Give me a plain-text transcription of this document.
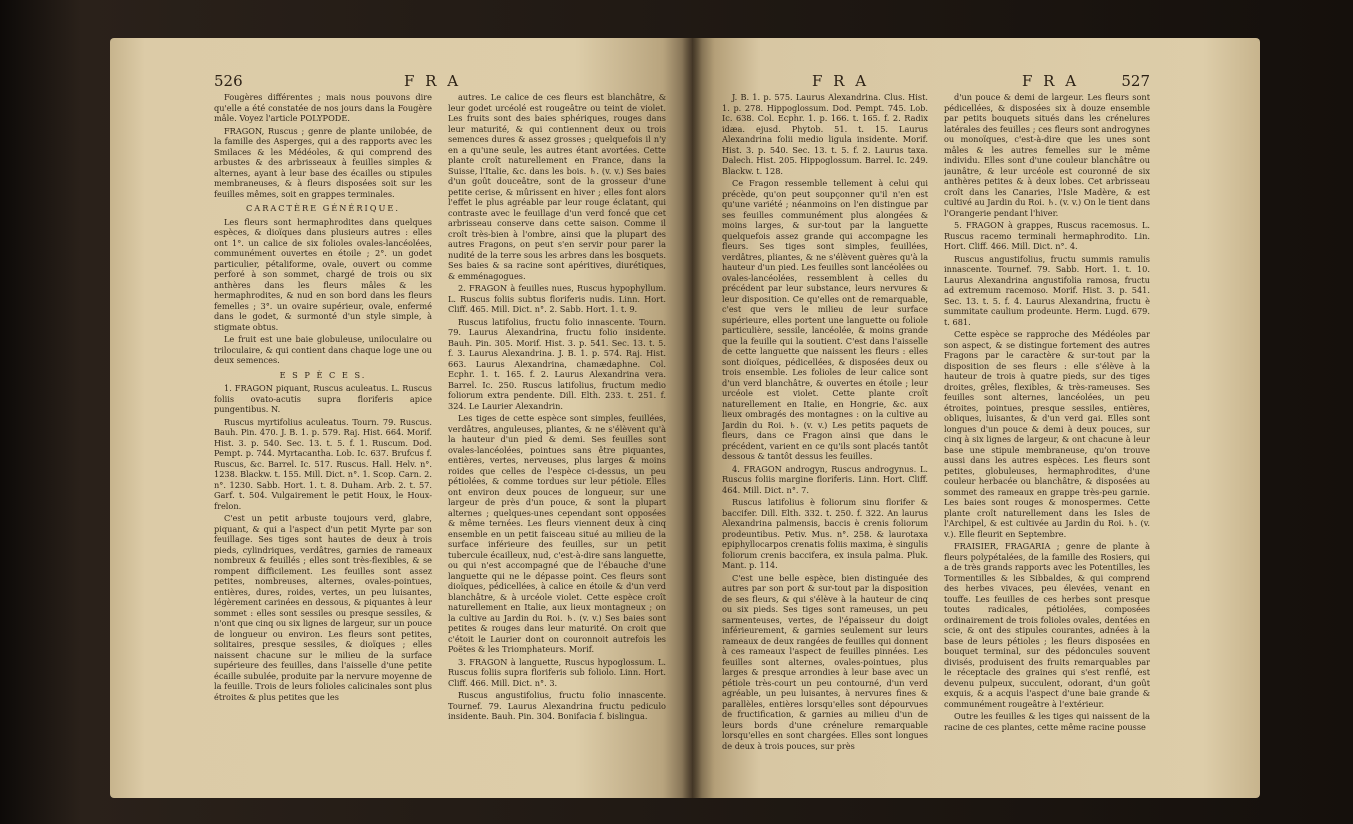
526	F R A

Fougères différentes ; mais nous pouvons dire qu'elle a été constatée de nos jours dans la Fougère mâle. Voyez l'article POLYPODE.

FRAGON, Ruscus ; genre de plante unilobée, de la famille des Asperges, qui a des rapports avec les Smilaces & les Médéoles, & qui comprend des arbustes & des arbrisseaux à feuilles simples & alternes, ayant à leur base des écailles ou stipules membraneuses, & à fleurs disposées soit sur les feuilles mêmes, soit en grappes terminales.

CARACTÈRE GÉNÉRIQUE.

Les fleurs sont hermaphrodites dans quelques espèces, & dioïques dans plusieurs autres : elles ont 1°. un calice de six folioles ovales-lancéolées, communément ouvertes en étoile ; 2°. un godet particulier, pétaliforme, ovale, ouvert ou comme perforé à son sommet, chargé de trois ou six anthères dans les fleurs mâles & les hermaphrodites, & nud en son bord dans les fleurs femelles ; 3°. un ovaire supérieur, ovale, enfermé dans le godet, & surmonté d'un style simple, à stigmate obtus.

Le fruit est une baie globuleuse, uniloculaire ou triloculaire, & qui contient dans chaque loge une ou deux semences.

E S P È C E S.

1. FRAGON piquant, Ruscus aculeatus. L. Ruscus foliis ovato-acutis supra floriferis apice pungentibus. N.

Ruscus myrtifolius aculeatus. Tourn. 79. Ruscus. Bauh. Pin. 470. J. B. 1. p. 579. Raj. Hist. 664. Morif. Hist. 3. p. 540. Sec. 13. t. 5. f. 1. Ruscum. Dod. Pempt. p. 744. Myrtacantha. Lob. Ic. 637. Brufcus f. Ruscus, &c. Barrel. Ic. 517. Ruscus. Hall. Helv. n°. 1238. Blackw. t. 155. Mill. Dict. n°. 1. Scop. Carn. 2. n°. 1230. Sabb. Hort. 1. t. 8. Duham. Arb. 2. t. 57. Garf. t. 504. Vulgairement le petit Houx, le Houx-frelon.

C'est un petit arbuste toujours verd, glabre, piquant, & qui a l'aspect d'un petit Myrte par son feuillage. Ses tiges sont hautes de deux à trois pieds, cylindriques, verdâtres, garnies de rameaux nombreux & feuillés ; elles sont très-flexibles, & se rompent difficilement. Les feuilles sont assez petites, nombreuses, alternes, ovales-pointues, entières, dures, roides, vertes, un peu luisantes, légèrement carinées en dessous, & piquantes à leur sommet : elles sont sessiles ou presque sessiles, & n'ont que cinq ou six lignes de largeur, sur un pouce de longueur ou environ. Les fleurs sont petites, solitaires, presque sessiles, & dioïques ; elles naissent chacune sur le milieu de la surface supérieure des feuilles, dans l'aisselle d'une petite écaille subulée, produite par la nervure moyenne de la feuille. Trois de leurs folioles calicinales sont plus étroites & plus petites que les

autres. Le calice de ces fleurs est blanchâtre, & leur godet urcéolé est rougeâtre ou teint de violet. Les fruits sont des baies sphériques, rouges dans leur maturité, & qui contiennent deux ou trois semences dures & assez grosses ; quelquefois il n'y en a qu'une seule, les autres étant avortées. Cette plante croît naturellement en France, dans la Suisse, l'Italie, &c. dans les bois. ♄. (v. v.) Ses baies d'un goût douceâtre, sont de la grosseur d'une petite cerise, & mûrissent en hiver ; elles font alors l'effet le plus agréable par leur rouge éclatant, qui contraste avec le feuillage d'un verd foncé que cet arbrisseau conserve dans cette saison. Comme il croît très-bien à l'ombre, ainsi que la plupart des autres Fragons, on peut s'en servir pour parer la nudité de la terre sous les arbres dans les bosquets. Ses baies & sa racine sont apéritives, diurétiques, & emménagogues.

2. FRAGON à feuilles nues, Ruscus hypophyllum. L. Ruscus foliis subtus floriferis nudis. Linn. Hort. Cliff. 465. Mill. Dict. n°. 2. Sabb. Hort. 1. t. 9.

Ruscus latifolius, fructu folio innascente. Tourn. 79. Laurus Alexandrina, fructu folio insidente. Bauh. Pin. 305. Morif. Hist. 3. p. 541. Sec. 13. t. 5. f. 3. Laurus Alexandrina. J. B. 1. p. 574. Raj. Hist. 663. Laurus Alexandrina, chamædaphne. Col. Ecphr. 1. t. 165. f. 2. Laurus Alexandrina vera. Barrel. Ic. 250. Ruscus latifolius, fructum medio foliorum extra pendente. Dill. Elth. 233. t. 251. f. 324. Le Laurier Alexandrin.

Les tiges de cette espèce sont simples, feuillées, verdâtres, anguleuses, pliantes, & ne s'élèvent qu'à la hauteur d'un pied & demi. Ses feuilles sont ovales-lancéolées, pointues sans être piquantes, entières, vertes, nerveuses, plus larges & moins roides que celles de l'espèce ci-dessus, un peu pétiolées, & comme tordues sur leur pétiole. Elles ont environ deux pouces de longueur, sur une largeur de près d'un pouce, & sont la plupart alternes ; quelques-unes cependant sont opposées & même ternées. Les fleurs viennent deux à cinq ensemble en un petit faisceau situé au milieu de la surface inférieure des feuilles, sur un petit tubercule écailleux, nud, c'est-à-dire sans languette, ou qui n'est accompagné que de l'ébauche d'une languette qui ne le dépasse point. Ces fleurs sont dioïques, pédicellées, à calice en étoile & d'un verd blanchâtre, & à urcéole violet. Cette espèce croît naturellement en Italie, aux lieux montagneux ; on la cultive au Jardin du Roi. ♄. (v. v.) Ses baies sont petites & rouges dans leur maturité. On croit que c'étoit le Laurier dont on couronnoit autrefois les Poëtes & les Triomphateurs. Morif.

3. FRAGON à languette, Ruscus hypoglossum. L. Ruscus foliis supra floriferis sub foliolo. Linn. Hort. Cliff. 466. Mill. Dict. n°. 3.

Ruscus angustifolius, fructu folio innascente. Tournef. 79. Laurus Alexandrina fructu pediculo insidente. Bauh. Pin. 304. Bonifacia f. bislingua.

F R A	F R A	527

J. B. 1. p. 575. Laurus Alexandrina. Clus. Hist. 1. p. 278. Hippoglossum. Dod. Pempt. 745. Lob. Ic. 638. Col. Ecphr. 1. p. 166. t. 165. f. 2. Radix idæa. ejusd. Phytob. 51. t. 15. Laurus Alexandrina folii medio ligula insidente. Morif. Hist. 3. p. 540. Sec. 13. t. 5. f. 2. Laurus taxa. Dalech. Hist. 205. Hippoglossum. Barrel. Ic. 249. Blackw. t. 128.

Ce Fragon ressemble tellement à celui qui précède, qu'on peut soupçonner qu'il n'en est qu'une variété ; néanmoins on l'en distingue par ses feuilles communément plus alongées & moins larges, & sur-tout par la languette quelquefois assez grande qui accompagne les fleurs. Ses tiges sont simples, feuillées, verdâtres, pliantes, & ne s'élèvent guères qu'à la hauteur d'un pied. Les feuilles sont lancéolées ou ovales-lancéolées, ressemblent à celles du précédent par leur substance, leurs nervures & leur disposition. Ce qu'elles ont de remarquable, c'est que vers le milieu de leur surface supérieure, elles portent une languette ou foliole particulière, sessile, lancéolée, & moins grande que la feuille qui la soutient. C'est dans l'aisselle de cette languette que naissent les fleurs : elles sont dioïques, pédicellées, & disposées deux ou trois ensemble. Les folioles de leur calice sont d'un verd blanchâtre, & ouvertes en étoile ; leur urcéole est violet. Cette plante croît naturellement en Italie, en Hongrie, &c. aux lieux ombragés des montagnes : on la cultive au Jardin du Roi. ♄. (v. v.) Les petits paquets de fleurs, dans ce Fragon ainsi que dans le précédent, varient en ce qu'ils sont placés tantôt dessous & tantôt dessus les feuilles.

4. FRAGON androgyn, Ruscus androgynus. L. Ruscus foliis margine floriferis. Linn. Hort. Cliff. 464. Mill. Dict. n°. 7.

Ruscus latifolius è foliorum sinu florifer & baccifer. Dill. Elth. 332. t. 250. f. 322. An laurus Alexandrina palmensis, baccis è crenis foliorum prodeuntibus. Petiv. Mus. n°. 258. & laurotaxa epiphyllocarpos crenatis foliis maxima, è singulis foliorum crenis baccifera, ex insula palma. Pluk. Mant. p. 114.

C'est une belle espèce, bien distinguée des autres par son port & sur-tout par la disposition de ses fleurs, & qui s'élève à la hauteur de cinq ou six pieds. Ses tiges sont rameuses, un peu sarmenteuses, vertes, de l'épaisseur du doigt inférieurement, & garnies seulement sur leurs rameaux de deux rangées de feuilles qui donnent à ces rameaux l'aspect de feuilles pinnées. Les feuilles sont alternes, ovales-pointues, plus larges & presque arrondies à leur base avec un pétiole très-court un peu contourné, d'un verd agréable, un peu luisantes, à nervures fines & parallèles, entières lorsqu'elles sont dépourvues de fructification, & garnies au milieu d'un de leurs bords d'une crénelure remarquable lorsqu'elles en sont chargées. Elles sont longues de deux à trois pouces, sur près

d'un pouce & demi de largeur. Les fleurs sont pédicellées, & disposées six à douze ensemble par petits bouquets situés dans les crénelures latérales des feuilles ; ces fleurs sont androgynes ou monoïques, c'est-à-dire que les unes sont mâles & les autres femelles sur le même individu. Elles sont d'une couleur blanchâtre ou jaunâtre, & leur urcéole est couronné de six anthères petites & à deux lobes. Cet arbrisseau croît dans les Canaries, l'Isle Madère, & est cultivé au Jardin du Roi. ♄. (v. v.) On le tient dans l'Orangerie pendant l'hiver.

5. FRAGON à grappes, Ruscus racemosus. L. Ruscus racemo terminali hermaphrodito. Lin. Hort. Cliff. 466. Mill. Dict. n°. 4.

Ruscus angustifolius, fructu summis ramulis innascente. Tournef. 79. Sabb. Hort. 1. t. 10. Laurus Alexandrina angustifolia ramosa, fructu ad extremum racemoso. Morif. Hist. 3. p. 541. Sec. 13. t. 5. f. 4. Laurus Alexandrina, fructu è summitate caulium prodeunte. Herm. Lugd. 679. t. 681.

Cette espèce se rapproche des Médéoles par son aspect, & se distingue fortement des autres Fragons par le caractère & sur-tout par la disposition de ses fleurs : elle s'élève à la hauteur de trois à quatre pieds, sur des tiges droites, grêles, flexibles, & très-rameuses. Ses feuilles sont alternes, lancéolées, un peu étroites, pointues, presque sessiles, entières, obliques, luisantes, & d'un verd gai. Elles sont longues d'un pouce & demi à deux pouces, sur cinq à six lignes de largeur, & ont chacune à leur base une stipule membraneuse, qu'on trouve aussi dans les autres espèces. Les fleurs sont petites, globuleuses, hermaphrodites, d'une couleur herbacée ou blanchâtre, & disposées au sommet des rameaux en grappe très-peu garnie. Les baies sont rouges & monospermes. Cette plante croît naturellement dans les Isles de l'Archipel, & est cultivée au Jardin du Roi. ♄. (v. v.). Elle fleurit en Septembre.

FRAISIER, FRAGARIA ; genre de plante à fleurs polypétalées, de la famille des Rosiers, qui a de très grands rapports avec les Potentilles, les Tormentilles & les Sibbaldes, & qui comprend des herbes vivaces, peu élevées, venant en touffe. Les feuilles de ces herbes sont presque toutes radicales, pétiolées, composées ordinairement de trois folioles ovales, dentées en scie, & ont des stipules courantes, adnées à la base de leurs pétioles ; les fleurs disposées en bouquet terminal, sur des pédoncules souvent divisés, produisent des fruits remarquables par le réceptacle des graines qui s'est renflé, est devenu pulpeux, succulent, odorant, d'un goût exquis, & a acquis l'aspect d'une baie grande & communément rougeâtre à l'extérieur.

Outre les feuilles & les tiges qui naissent de la racine de ces plantes, cette même racine pousse
